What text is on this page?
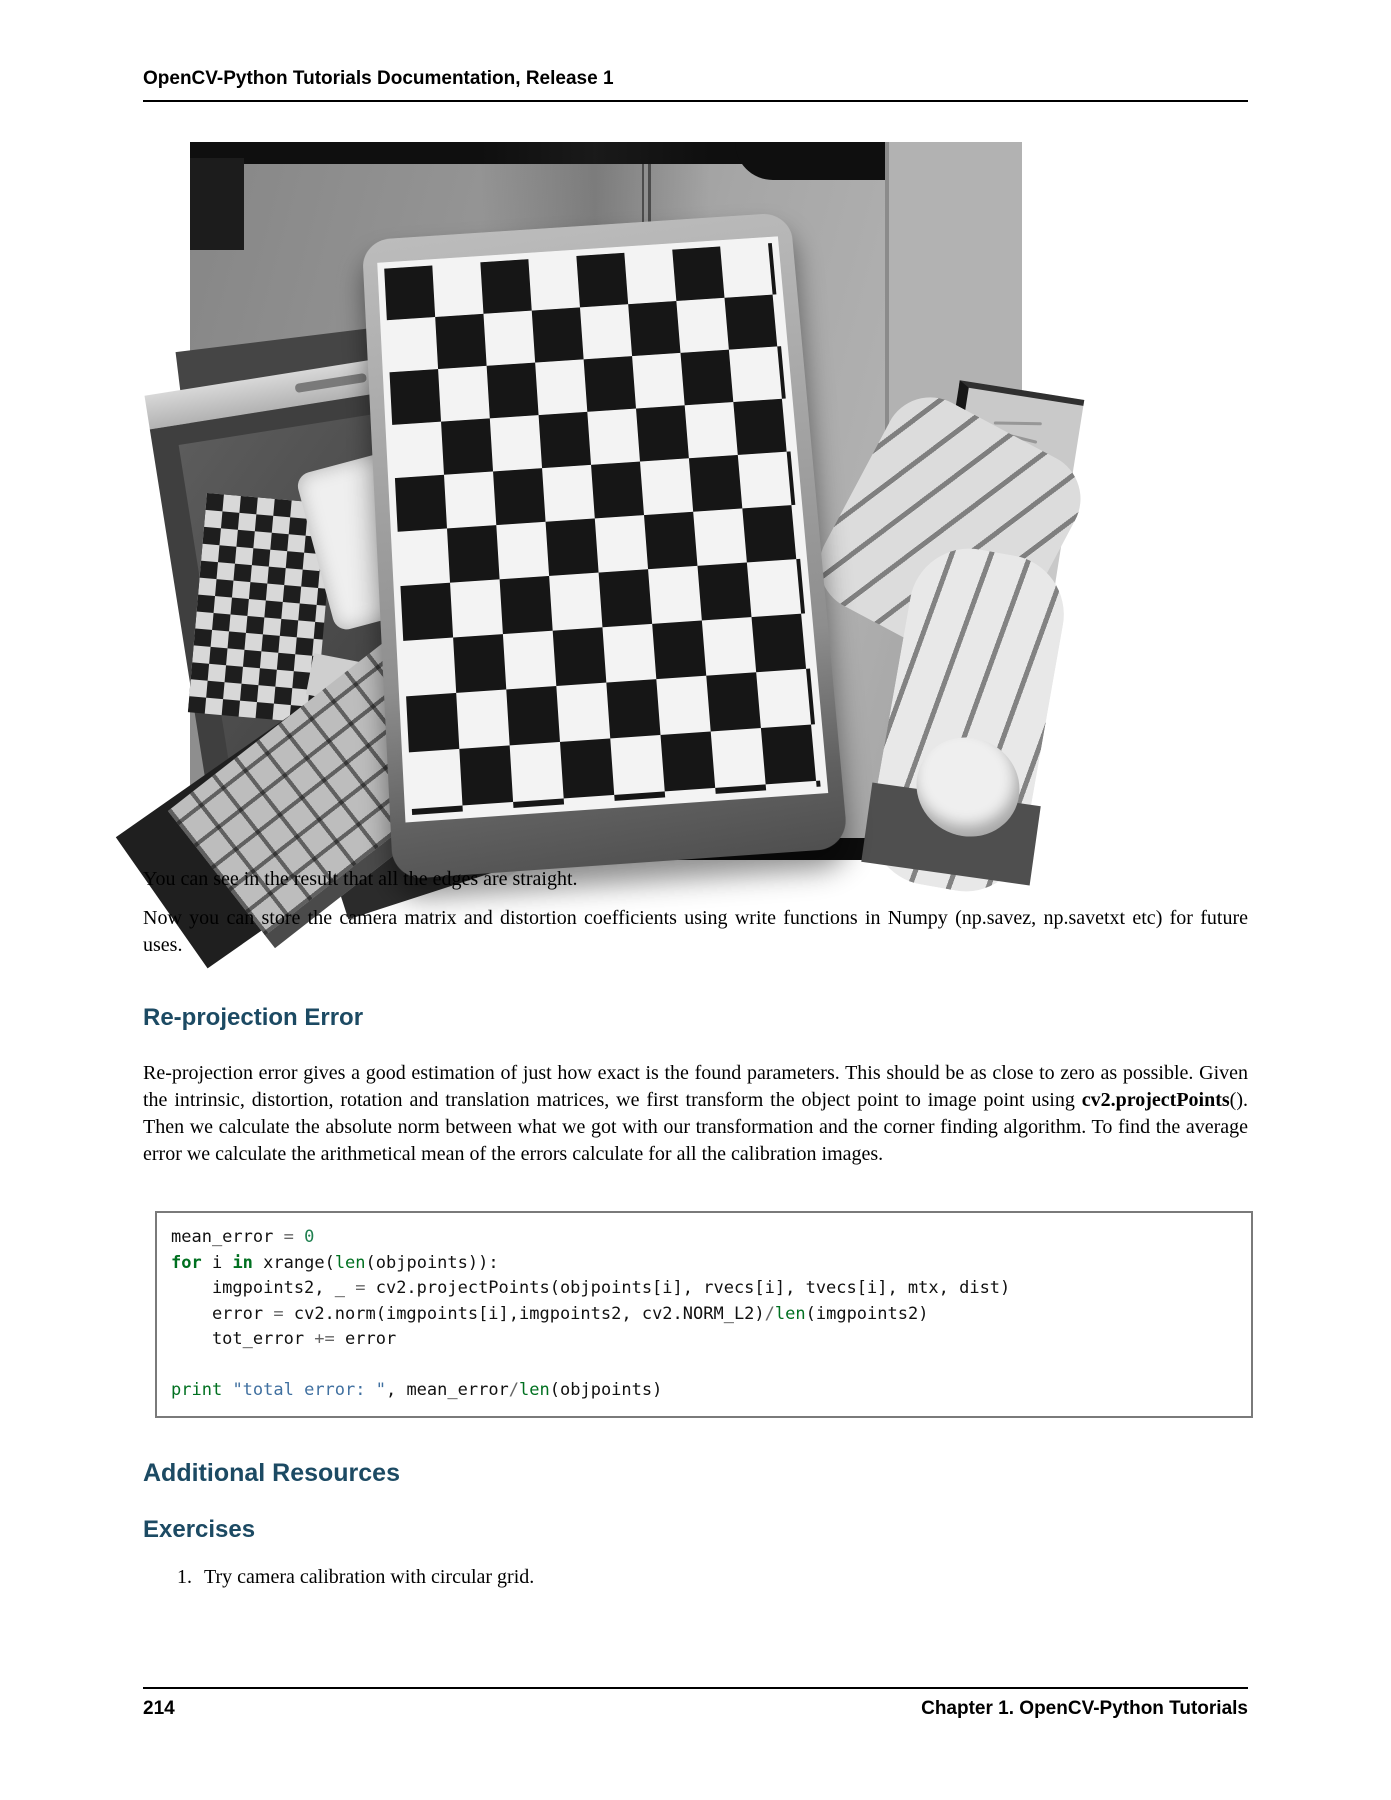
OpenCV-Python Tutorials Documentation, Release 1
You can see in the result that all the edges are straight.
Now you can store the camera matrix and distortion coefficients using write functions in Numpy (np.savez, np.savetxt etc) for future uses.
Re-projection Error
Re-projection error gives a good estimation of just how exact is the found parameters. This should be as close to zero as possible. Given the intrinsic, distortion, rotation and translation matrices, we first transform the object point to image point using cv2.projectPoints(). Then we calculate the absolute norm between what we got with our transformation and the corner finding algorithm. To find the average error we calculate the arithmetical mean of the errors calculate for all the calibration images.
mean_error = 0
for i in xrange(len(objpoints)):
imgpoints2, _ = cv2.projectPoints(objpoints[i], rvecs[i], tvecs[i], mtx, dist)
error = cv2.norm(imgpoints[i],imgpoints2, cv2.NORM_L2)/len(imgpoints2)
tot_error += error

print "total error: ", mean_error/len(objpoints)
Additional Resources
Exercises
1. Try camera calibration with circular grid.
214	Chapter 1. OpenCV-Python Tutorials
